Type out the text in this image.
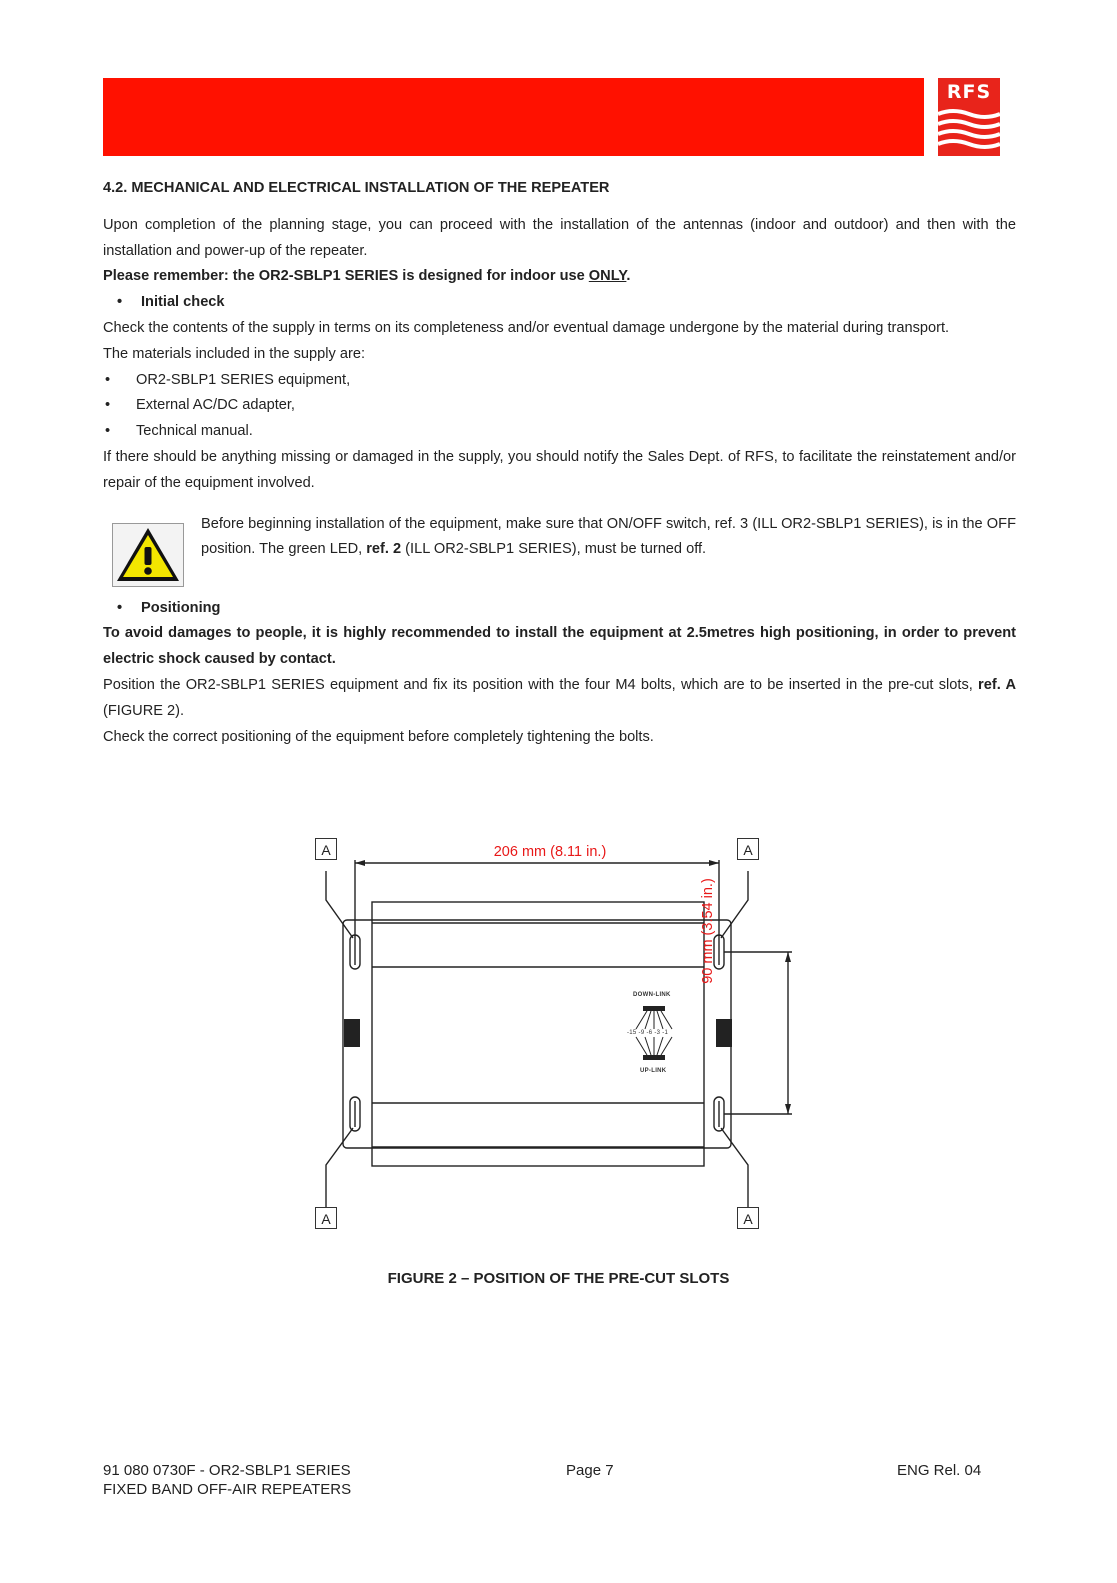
RFS
4.2. MECHANICAL AND ELECTRICAL INSTALLATION OF THE REPEATER

Upon completion of the planning stage, you can proceed with the installation of the antennas (indoor and outdoor) and then with the installation and power-up of the repeater.

Please remember: the OR2-SBLP1 SERIES is designed for indoor use ONLY.

• Initial check

Check the contents of the supply in terms on its completeness and/or eventual damage undergone by the material during transport.

The materials included in the supply are:

• OR2-SBLP1 SERIES equipment,
• External AC/DC adapter,
• Technical manual.

If there should be anything missing or damaged in the supply, you should notify the Sales Dept. of RFS, to facilitate the reinstatement and/or repair of the equipment involved.

Before beginning installation of the equipment, make sure that ON/OFF switch, ref. 3 (ILL OR2-SBLP1 SERIES), is in the OFF position. The green LED, ref. 2 (ILL OR2-SBLP1 SERIES), must be turned off.

• Positioning

To avoid damages to people, it is highly recommended to install the equipment at 2.5metres high positioning, in order to prevent electric shock caused by contact.

Position the OR2-SBLP1 SERIES equipment and fix its position with the four M4 bolts, which are to be inserted in the pre-cut slots, ref. A (FIGURE 2).

Check the correct positioning of the equipment before completely tightening the bolts.

206 mm (8.11 in.)
90 mm (3.54 in.)
A	A
A	A
DOWN-LINK
-15 -9 -6 -3 -1
UP-LINK
FIGURE 2 – POSITION OF THE PRE-CUT SLOTS
91 080 0730F - OR2-SBLP1 SERIES
FIXED BAND OFF-AIR REPEATERS
Page 7	ENG Rel. 04
